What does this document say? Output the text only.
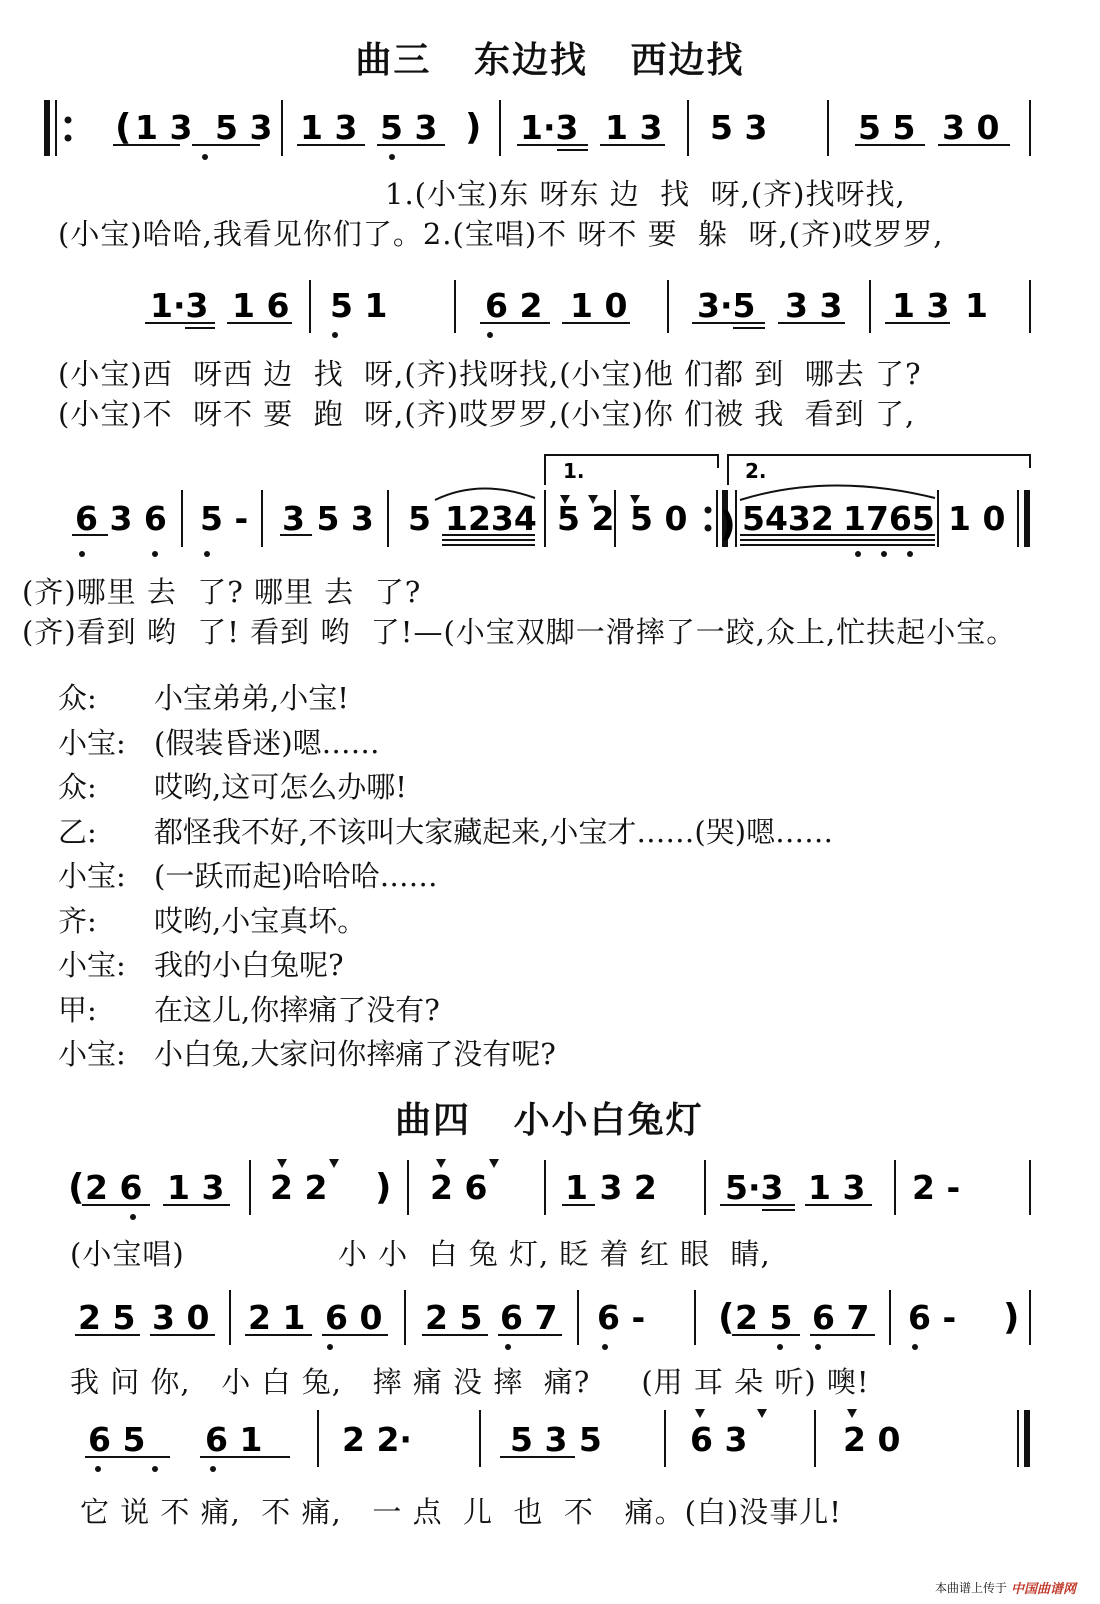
曲三 东边找 西边找
( 1 3 5 3 1 3 5 3 ) 1·3 1 3 5 3	5 5 3 0
1.(小宝)东 呀东 边  找  呀,(齐)找呀找,
(小宝)哈哈,我看见你们了。2.(宝唱)不 呀不 要  躲  呀,(齐)哎罗罗,
1·3 1 6 5 1	6 2 1 0 3·5 3 3 1 3 1
(小宝)西  呀西 边  找  呀,(齐)找呀找,(小宝)他 们都 到  哪去 了?
(小宝)不  呀不 要  跑  呀,(齐)哎罗罗,(小宝)你 们被 我  看到 了,
1.	2.
)
6 3 6 5 - 3 5 3 5 1234 5 2 5 0 5432 1765 1 0
(齐)哪里 去  了? 哪里 去  了?
(齐)看到 哟  了! 看到 哟  了!—(小宝双脚一滑摔了一跤,众上,忙扶起小宝。
众:	小宝弟弟,小宝!
小宝: (假装昏迷)嗯……
众:	哎哟,这可怎么办哪!
乙:	都怪我不好,不该叫大家藏起来,小宝才……(哭)嗯……
小宝: (一跃而起)哈哈哈……
齐:	哎哟,小宝真坏。
小宝: 我的小白兔呢?
甲:	在这儿,你摔痛了没有?
小宝: 小白兔,大家问你摔痛了没有呢?
曲四 小小白兔灯
( 2 6 1 3 2 2 ) 2 6 1 3 2 5·3 1 3 2 -
(小宝唱)               小 小  白 兔 灯, 眨 着 红 眼  睛,
2 5 3 0 2 1 6 0 2 5 6 7 6 - ( 2 5 6 7 6 - )
我 问 你,   小 白 兔,   摔 痛 没 摔  痛?     (用 耳 朵 听) 噢!
6 5 6 1 2 2·	5 3 5	6 3	2 0
它 说 不 痛,  不 痛,   一 点  儿  也  不   痛。(白)没事儿!
本曲谱上传于 中国曲谱网
